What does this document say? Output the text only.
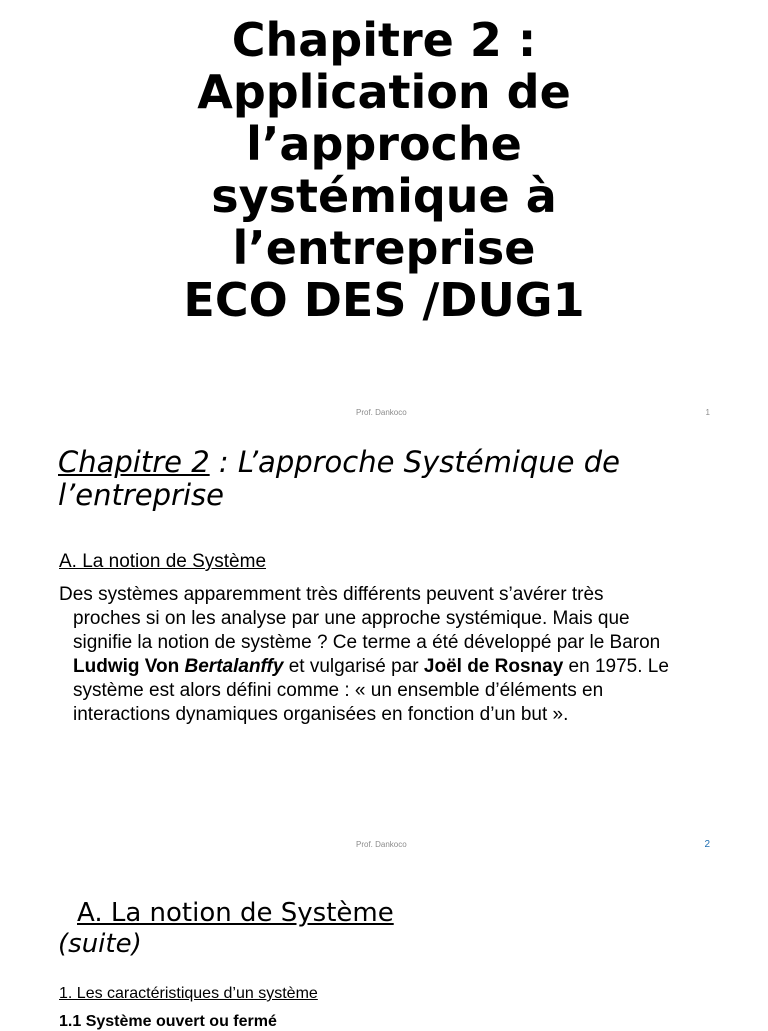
Chapitre 2 :
Application de
l’approche
systémique à
l’entreprise
ECO DES /DUG1
Prof. Dankoco	1
Chapitre 2 : L’approche Systémique de l’entreprise
A. La notion de Système
Des systèmes apparemment très différents peuvent s’avérer très
proches si on les analyse par une approche systémique. Mais que
signifie la notion de système ? Ce terme a été développé par le Baron
Ludwig Von Bertalanffy et vulgarisé par Joël de Rosnay en 1975. Le
système est alors défini comme : « un ensemble d’éléments en
interactions dynamiques organisées en fonction d’un but ».
Prof. Dankoco	2
A. La notion de Système
(suite)
1. Les caractéristiques d’un système
1.1 Système ouvert ou fermé
